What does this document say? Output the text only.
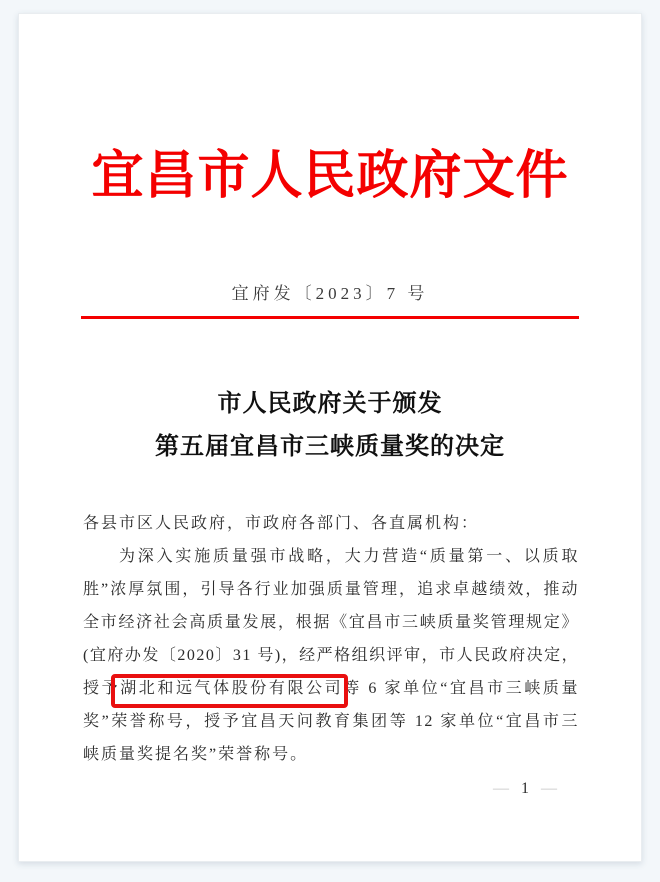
宜昌市人民政府文件
宜府发〔2023〕7 号
市人民政府关于颁发
第五届宜昌市三峡质量奖的决定
各县市区人民政府，市政府各部门、各直属机构：
为深入实施质量强市战略，大力营造“质量第一、以质取
胜”浓厚氛围，引导各行业加强质量管理，追求卓越绩效，推动
全市经济社会高质量发展，根据《宜昌市三峡质量奖管理规定》
(宜府办发〔2020〕31 号)，经严格组织评审，市人民政府决定，
授予湖北和远气体股份有限公司
等 6 家单位“宜昌市三峡质量
奖”荣誉称号，授予宜昌天问教育集团等 12 家单位“宜昌市三
峡质量奖提名奖”荣誉称号。
— 1 —
